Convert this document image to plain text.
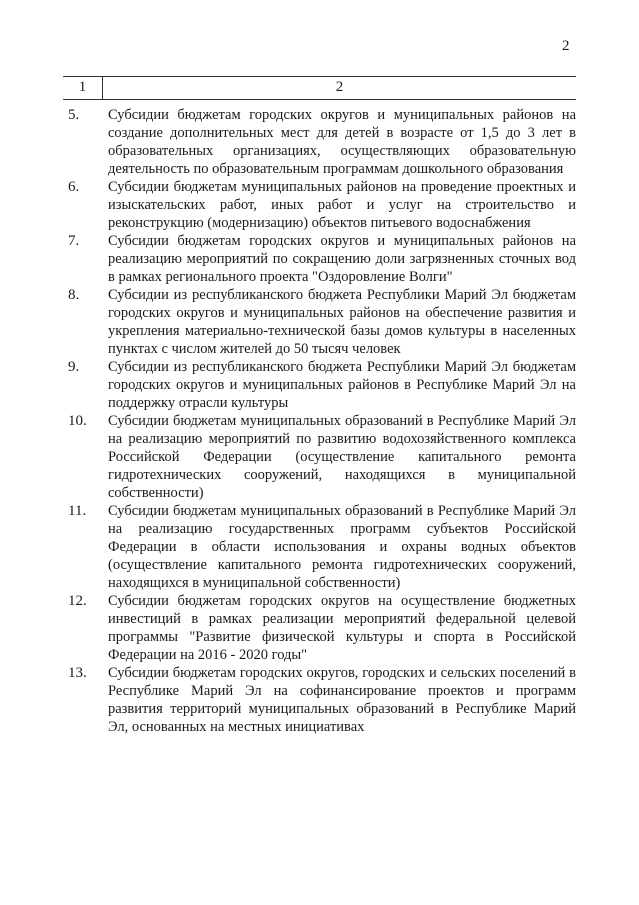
2
1	2
5.	Субсидии бюджетам городских округов и муниципальных районов на создание дополнительных мест для детей в возрасте от 1,5 до 3 лет в образовательных организациях, осуществляющих образовательную деятельность по образовательным программам дошкольного образования
6.	Субсидии бюджетам муниципальных районов на проведение проектных и изыскательских работ, иных работ и услуг на строительство и реконструкцию (модернизацию) объектов питьевого водоснабжения
7.	Субсидии бюджетам городских округов и муниципальных районов на реализацию мероприятий по сокращению доли загрязненных сточных вод в рамках регионального проекта "Оздоровление Волги"
8.	Субсидии из республиканского бюджета Республики Марий Эл бюджетам городских округов и муниципальных районов на обеспечение развития и укрепления материально-технической базы домов культуры в населенных пунктах с числом жителей до 50 тысяч человек
9.	Субсидии из республиканского бюджета Республики Марий Эл бюджетам городских округов и муниципальных районов в Республике Марий Эл на поддержку отрасли культуры
10.	Субсидии бюджетам муниципальных образований в Республике Марий Эл на реализацию мероприятий по развитию водохозяйственного комплекса Российской Федерации (осуществление капитального ремонта гидротехнических сооружений, находящихся в муниципальной собственности)
11.	Субсидии бюджетам муниципальных образований в Республике Марий Эл на реализацию государственных программ субъектов Российской Федерации в области использования и охраны водных объектов (осуществление капитального ремонта гидротехнических сооружений, находящихся в муниципальной собственности)
12.	Субсидии бюджетам городских округов на осуществление бюджетных инвестиций в рамках реализации мероприятий федеральной целевой программы "Развитие физической культуры и спорта в Российской Федерации на 2016 - 2020 годы"
13.	Субсидии бюджетам городских округов, городских и сельских поселений в Республике Марий Эл на софинансирование проектов и программ развития территорий муниципальных образований в Республике Марий Эл, основанных на местных инициативах
